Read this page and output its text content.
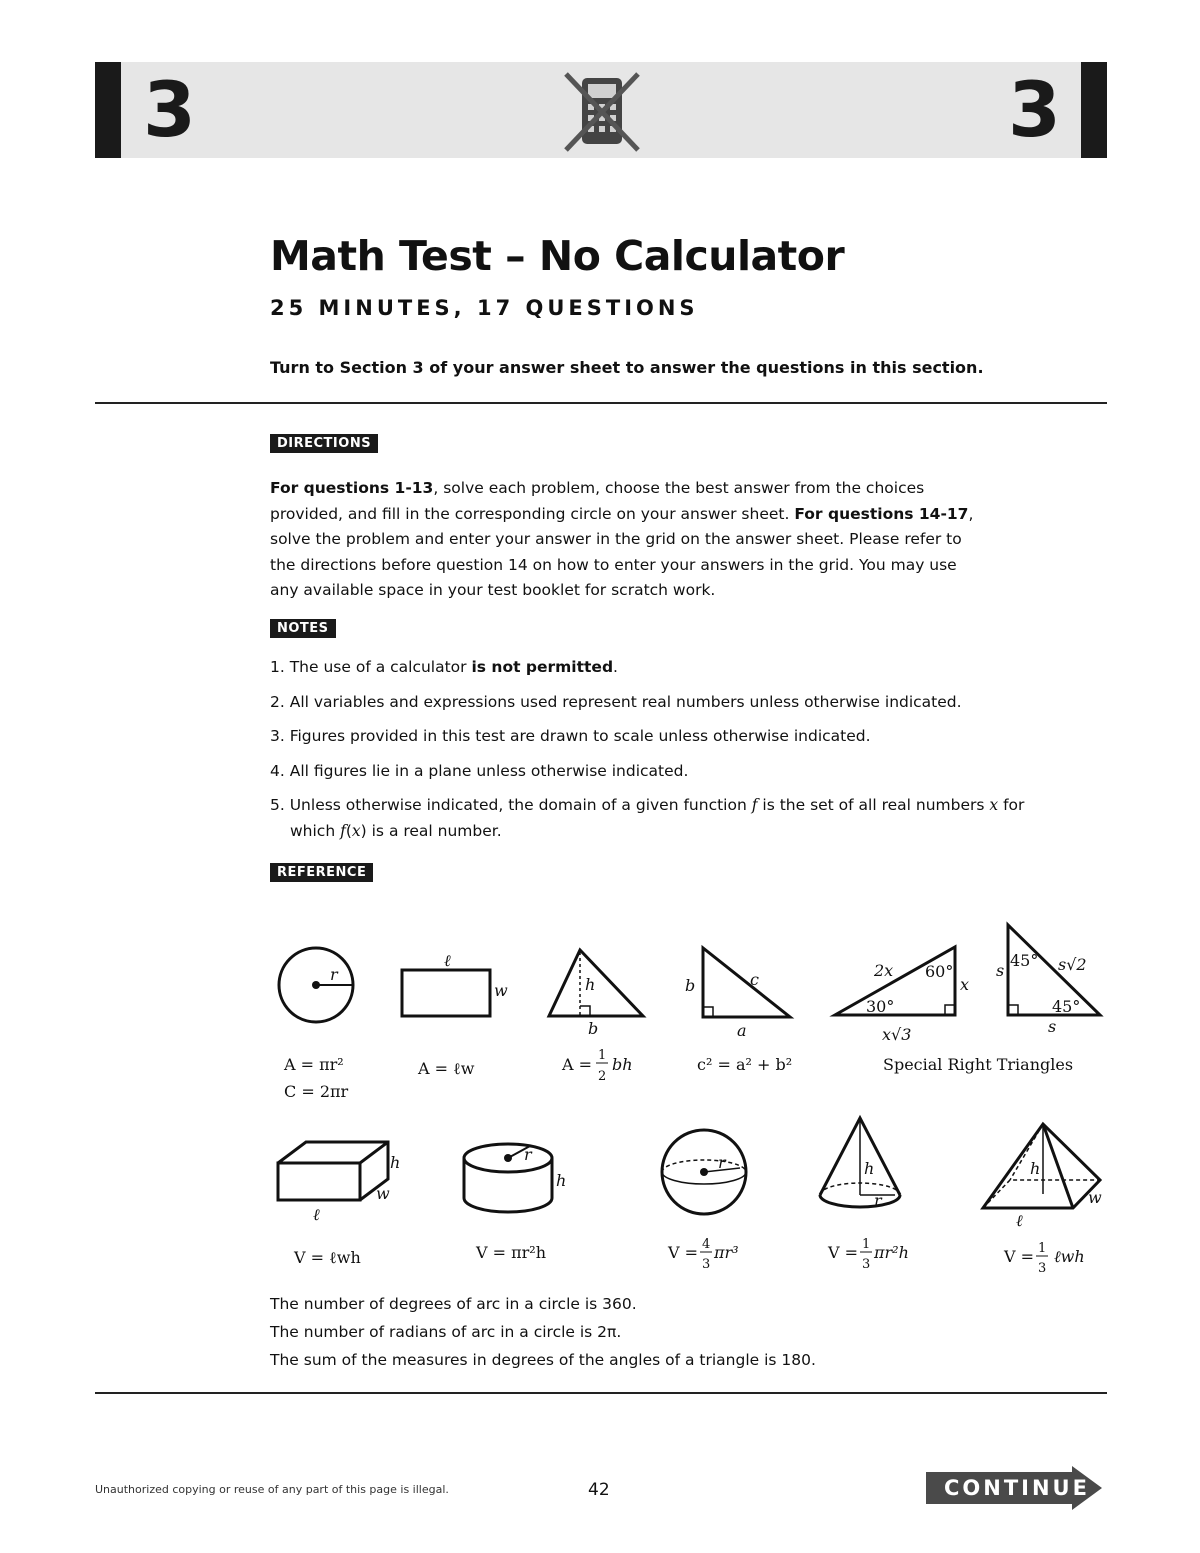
3	3
Math Test – No Calculator
25 MINUTES, 17 QUESTIONS
Turn to Section 3 of your answer sheet to answer the questions in this section.
DIRECTIONS
For questions 1-13, solve each problem, choose the best answer from the choices provided, and fill in the corresponding circle on your answer sheet. For questions 14-17, solve the problem and enter your answer in the grid on the answer sheet. Please refer to the directions before question 14 on how to enter your answers in the grid. You may use any available space in your test booklet for scratch work.
NOTES
1. The use of a calculator is not permitted.
2. All variables and expressions used represent real numbers unless otherwise indicated.
3. Figures provided in this test are drawn to scale unless otherwise indicated.
4. All figures lie in a plane unless otherwise indicated.
5. Unless otherwise indicated, the domain of a given function f is the set of all real numbers x for which f(x) is a real number.
REFERENCE
r
A = πr²
C = 2πr
ℓ
w
A = ℓw
h
b
A = 1
2
bh
b	c
a
c² = a² + b²
2x 60°
30°
x
x√3
s
45° s√2
45°
s
Special Right Triangles
h
w
ℓ
V = ℓwh
r
h
V = πr²h
r
V = 4
3
πr³
h
r
V = 1
3
πr²h
h
w
ℓ
V = 1
3
ℓwh
The number of degrees of arc in a circle is 360.
The number of radians of arc in a circle is 2π.
The sum of the measures in degrees of the angles of a triangle is 180.
Unauthorized copying or reuse of any part of this page is illegal.	42	CONTINUE
